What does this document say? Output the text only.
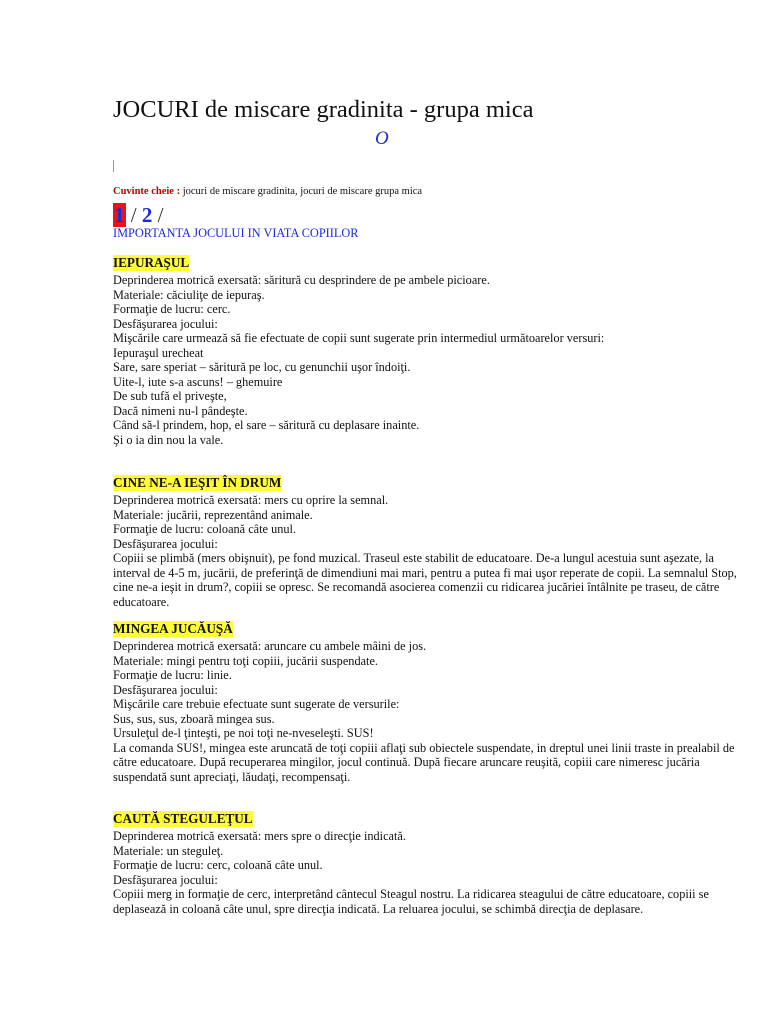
JOCURI de miscare gradinita - grupa mica
O
Cuvinte cheie : jocuri de miscare gradinita, jocuri de miscare grupa mica
1 / 2 /
IMPORTANTA JOCULUI IN VIATA COPIILOR
IEPURAŞUL
Deprinderea motrică exersată: săritură cu desprindere de pe ambele picioare.
Materiale: căciuliţe de iepuraş.
Formaţie de lucru: cerc.
Desfăşurarea jocului:
Mişcările care urmează să fie efectuate de copii sunt sugerate prin intermediul următoarelor versuri:
Iepuraşul urecheat
Sare, sare speriat – săritură pe loc, cu genunchii uşor îndoiţi.
Uite-l, iute s-a ascuns! – ghemuire
De sub tufă el priveşte,
Dacă nimeni nu-l pândeşte.
Când să-l prindem, hop, el sare – săritură cu deplasare inainte.
Şi o ia din nou la vale.
CINE NE-A IEŞIT ÎN DRUM
Deprinderea motrică exersată: mers cu oprire la semnal.
Materiale: jucării, reprezentând animale.
Formaţie de lucru: coloană câte unul.
Desfăşurarea jocului:
Copiii se plimbă (mers obişnuit), pe fond muzical. Traseul este stabilit de educatoare. De-a lungul acestuia sunt aşezate, la interval de 4-5 m, jucării, de preferinţă de dimendiuni mai mari, pentru a putea fi mai uşor reperate de copii. La semnalul Stop, cine ne-a ieşit in drum?, copiii se opresc. Se recomandă asocierea comenzii cu ridicarea jucăriei întâlnite pe traseu, de către educatoare.
MINGEA JUCĂUŞĂ
Deprinderea motrică exersată: aruncare cu ambele mâini de jos.
Materiale: mingi pentru toţi copiii, jucării suspendate.
Formaţie de lucru: linie.
Desfăşurarea jocului:
Mişcările care trebuie efectuate sunt sugerate de versurile:
Sus, sus, sus, zboară mingea sus.
Ursuleţul de-l ţinteşti, pe noi toţi ne-nveseleşti. SUS!
La comanda SUS!, mingea este aruncată de toţi copiii aflaţi sub obiectele suspendate, in dreptul unei linii traste in prealabil de către educatoare. După recuperarea mingilor, jocul continuă. După fiecare aruncare reuşită, copiii care nimeresc jucăria suspendată sunt apreciaţi, lăudaţi, recompensaţi.
CAUTĂ STEGULEŢUL
Deprinderea motrică exersată: mers spre o direcţie indicată.
Materiale: un steguleţ.
Formaţie de lucru: cerc, coloană câte unul.
Desfăşurarea jocului:
Copiii merg in formaţie de cerc, interpretând cântecul Steagul nostru. La ridicarea steagului de către educatoare, copiii se deplasează in coloană câte unul, spre direcţia indicată. La reluarea jocului, se schimbă direcţia de deplasare.
